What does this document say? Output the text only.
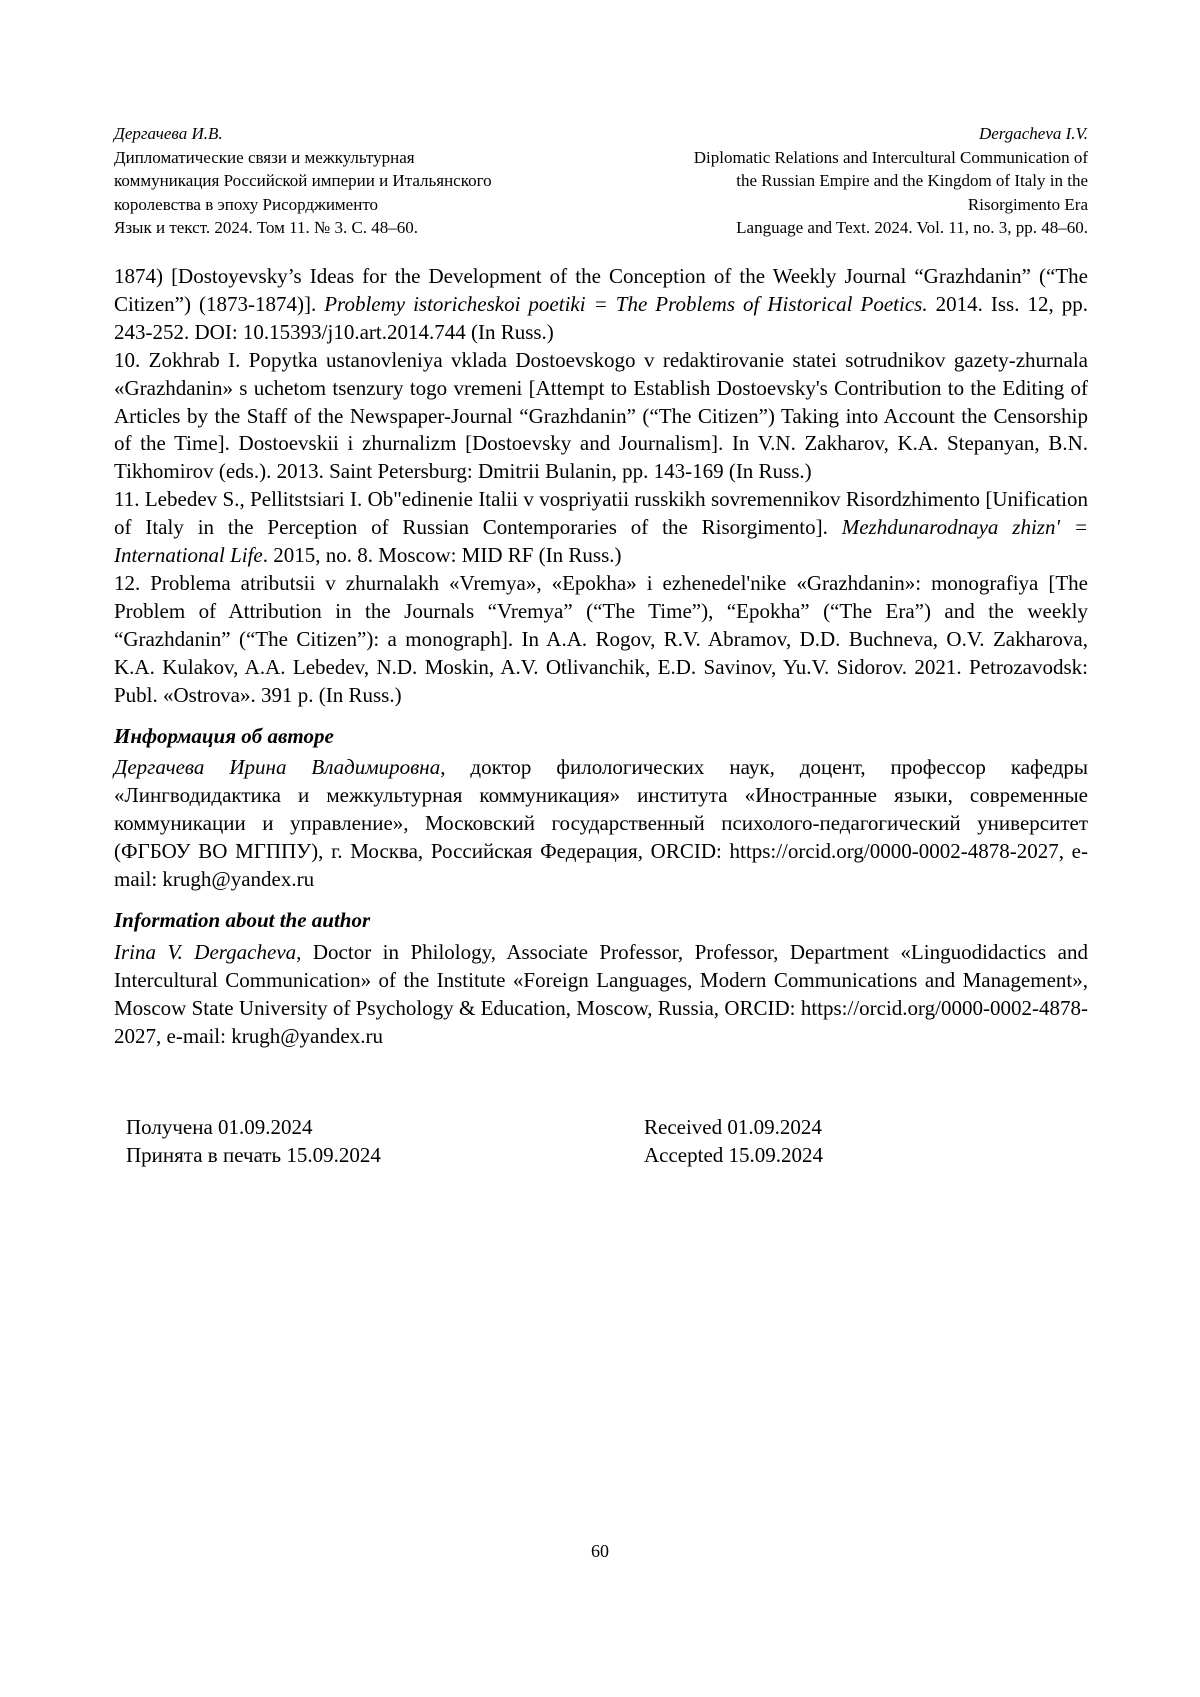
Дергачева И.В.
Дипломатические связи и межкультурная
коммуникация Российской империи и Итальянского
королевства в эпоху Рисорджименто
Язык и текст. 2024. Том 11. № 3. С. 48–60.
Dergacheva I.V.
Diplomatic Relations and Intercultural Communication of
the Russian Empire and the Kingdom of Italy in the
Risorgimento Era
Language and Text. 2024. Vol. 11, no. 3, pp. 48–60.

1874) [Dostoyevsky’s Ideas for the Development of the Conception of the Weekly Journal “Grazhdanin” (“The Citizen”) (1873-1874)]. Problemy istoricheskoi poetiki = The Problems of Historical Poetics. 2014. Iss. 12, pp. 243-252. DOI: 10.15393/j10.art.2014.744 (In Russ.)

10. Zokhrab I. Popytka ustanovleniya vklada Dostoevskogo v redaktirovanie statei sotrudnikov gazety-zhurnala «Grazhdanin» s uchetom tsenzury togo vremeni [Attempt to Establish Dostoevsky's Contribution to the Editing of Articles by the Staff of the Newspaper-Journal “Grazhdanin” (“The Citizen”) Taking into Account the Censorship of the Time]. Dostoevskii i zhurnalizm [Dostoevsky and Journalism]. In V.N. Zakharov, K.A. Stepanyan, B.N. Tikhomirov (eds.). 2013. Saint Petersburg: Dmitrii Bulanin, pp. 143-169 (In Russ.)

11. Lebedev S., Pellitstsiari I. Ob"edinenie Italii v vospriyatii russkikh sovremennikov Risordzhimento [Unification of Italy in the Perception of Russian Contemporaries of the Risorgimento]. Mezhdunarodnaya zhizn' = International Life. 2015, no. 8. Moscow: MID RF (In Russ.)

12. Problema atributsii v zhurnalakh «Vremya», «Epokha» i ezhenedel'nike «Grazhdanin»: monografiya [The Problem of Attribution in the Journals “Vremya” (“The Time”), “Epokha” (“The Era”) and the weekly “Grazhdanin” (“The Citizen”): a monograph]. In A.A. Rogov, R.V. Abramov, D.D. Buchneva, O.V. Zakharova, K.A. Kulakov, A.A. Lebedev, N.D. Moskin, A.V. Otlivanchik, E.D. Savinov, Yu.V. Sidorov. 2021. Petrozavodsk: Publ. «Ostrova». 391 p. (In Russ.)

Информация об авторе

Дергачева Ирина Владимировна, доктор филологических наук, доцент, профессор кафедры «Лингводидактика и межкультурная коммуникация» института «Иностранные языки, современные коммуникации и управление», Московский государственный психолого-педагогический университет (ФГБОУ ВО МГППУ), г. Москва, Российская Федерация, ORCID: https://orcid.org/0000-0002-4878-2027, e-mail: krugh@yandex.ru

Information about the author

Irina V. Dergacheva, Doctor in Philology, Associate Professor, Professor, Department «Linguodidactics and Intercultural Communication» of the Institute «Foreign Languages, Modern Communications and Management», Moscow State University of Psychology & Education, Moscow, Russia, ORCID: https://orcid.org/0000-0002-4878-2027, e-mail: krugh@yandex.ru

Получена 01.09.2024
Принята в печать 15.09.2024
Received 01.09.2024
Accepted 15.09.2024
60
